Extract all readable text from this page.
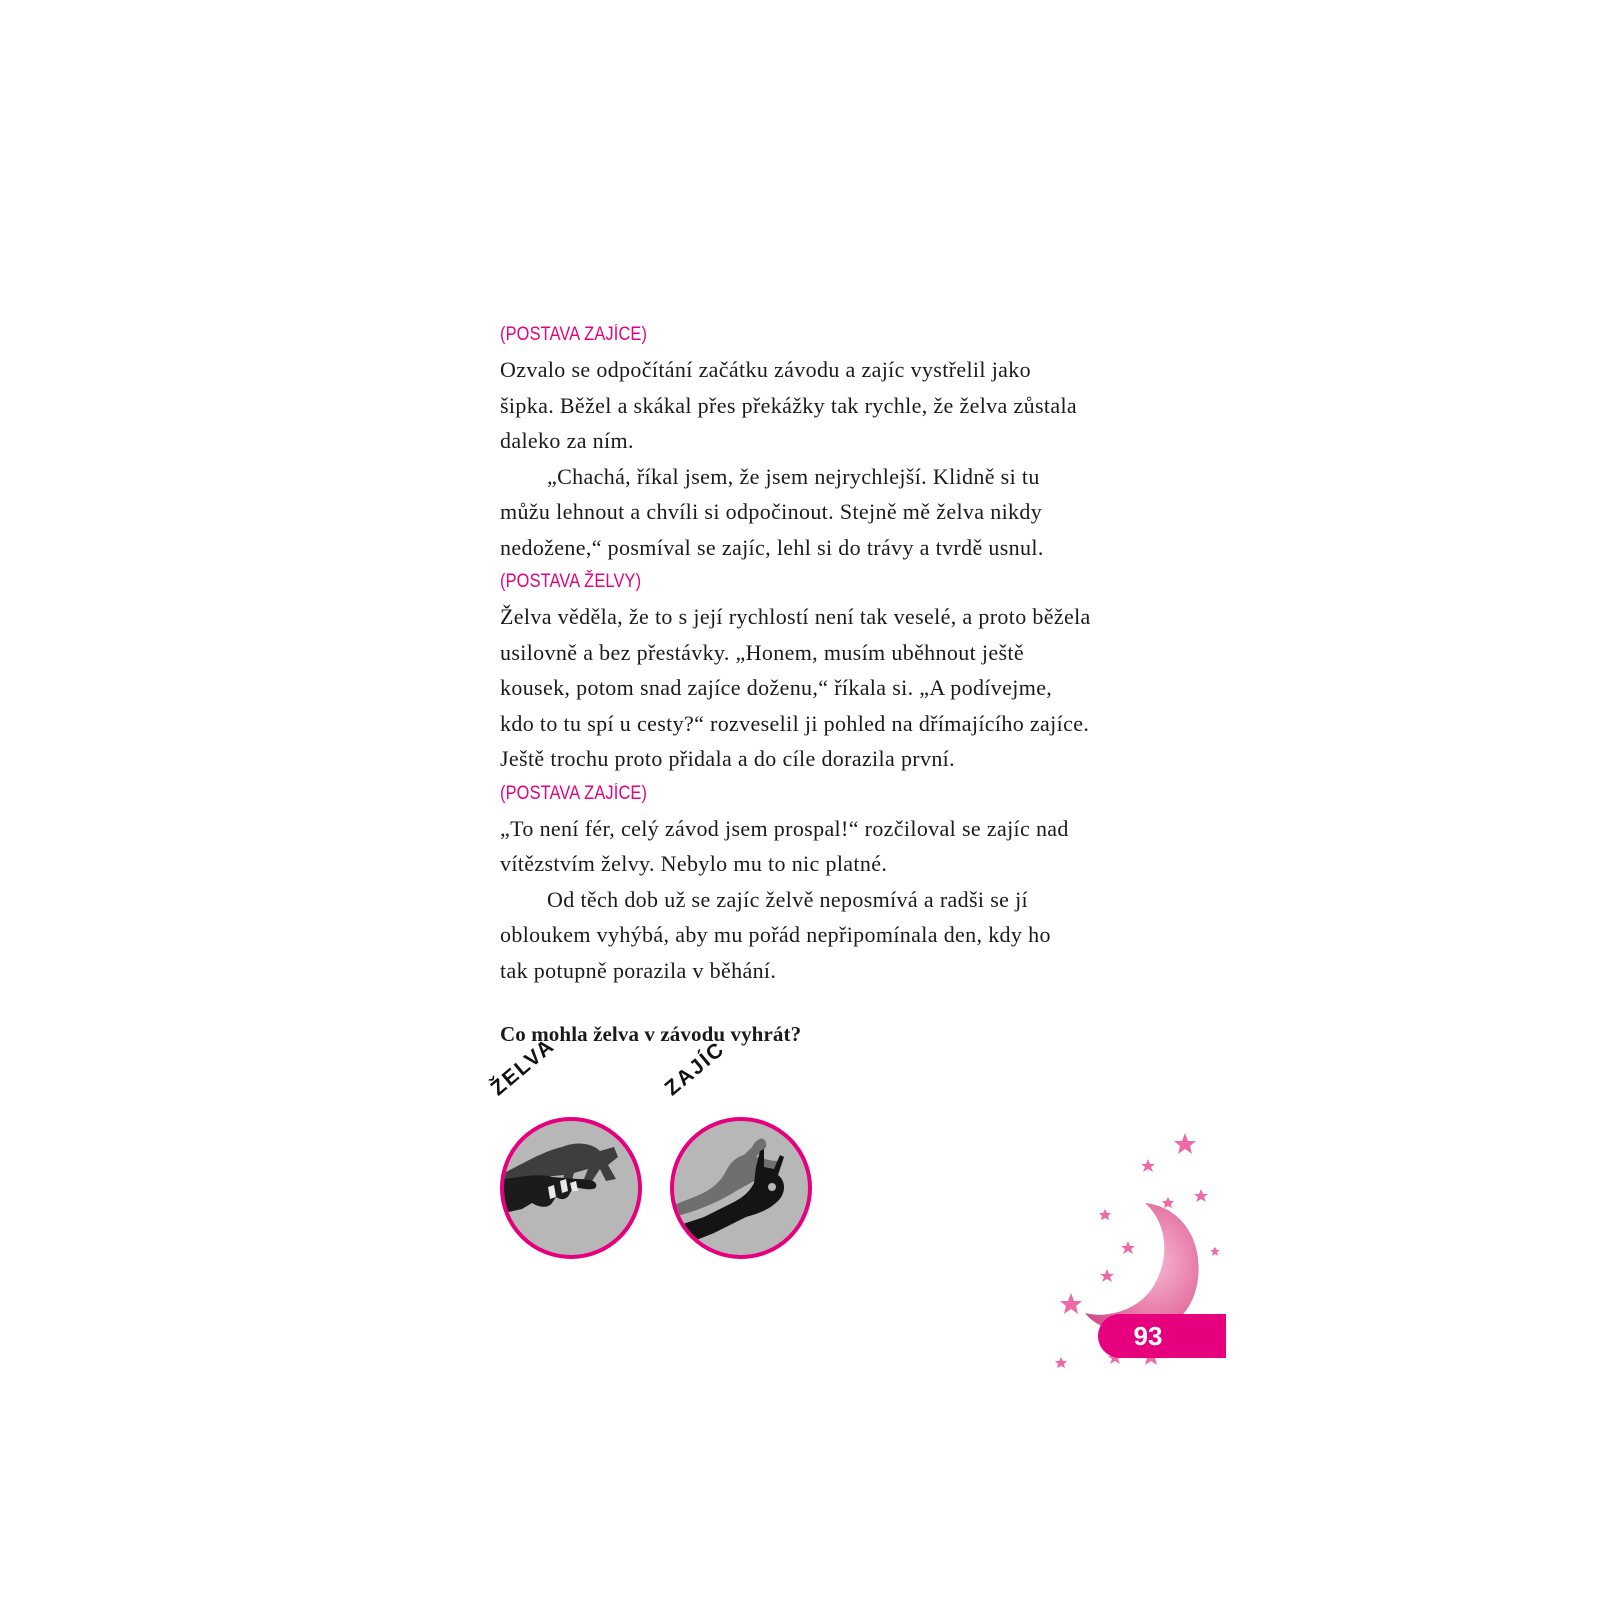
(POSTAVA ZAJÍCE)
Ozvalo se odpočítání začátku závodu a zajíc vystřelil jako
šipka. Běžel a skákal přes překážky tak rychle, že želva zůstala
daleko za ním.
„Chachá, říkal jsem, že jsem nejrychlejší. Klidně si tu
můžu lehnout a chvíli si odpočinout. Stejně mě želva nikdy
nedožene,“ posmíval se zajíc, lehl si do trávy a tvrdě usnul.
(POSTAVA ŽELVY)
Želva věděla, že to s její rychlostí není tak veselé, a proto běžela
usilovně a bez přestávky. „Honem, musím uběhnout ještě
kousek, potom snad zajíce doženu,“ říkala si. „A podívejme,
kdo to tu spí u cesty?“ rozveselil ji pohled na dřímajícího zajíce.
Ještě trochu proto přidala a do cíle dorazila první.
(POSTAVA ZAJÍCE)
„To není fér, celý závod jsem prospal!“ rozčiloval se zajíc nad
vítězstvím želvy. Nebylo mu to nic platné.
Od těch dob už se zajíc želvě neposmívá a radši se jí
obloukem vyhýbá, aby mu pořád nepřipomínala den, kdy ho
tak potupně porazila v běhání.
Co mohla želva v závodu vyhrát?
ŽELVA	ZAJÍC
93
